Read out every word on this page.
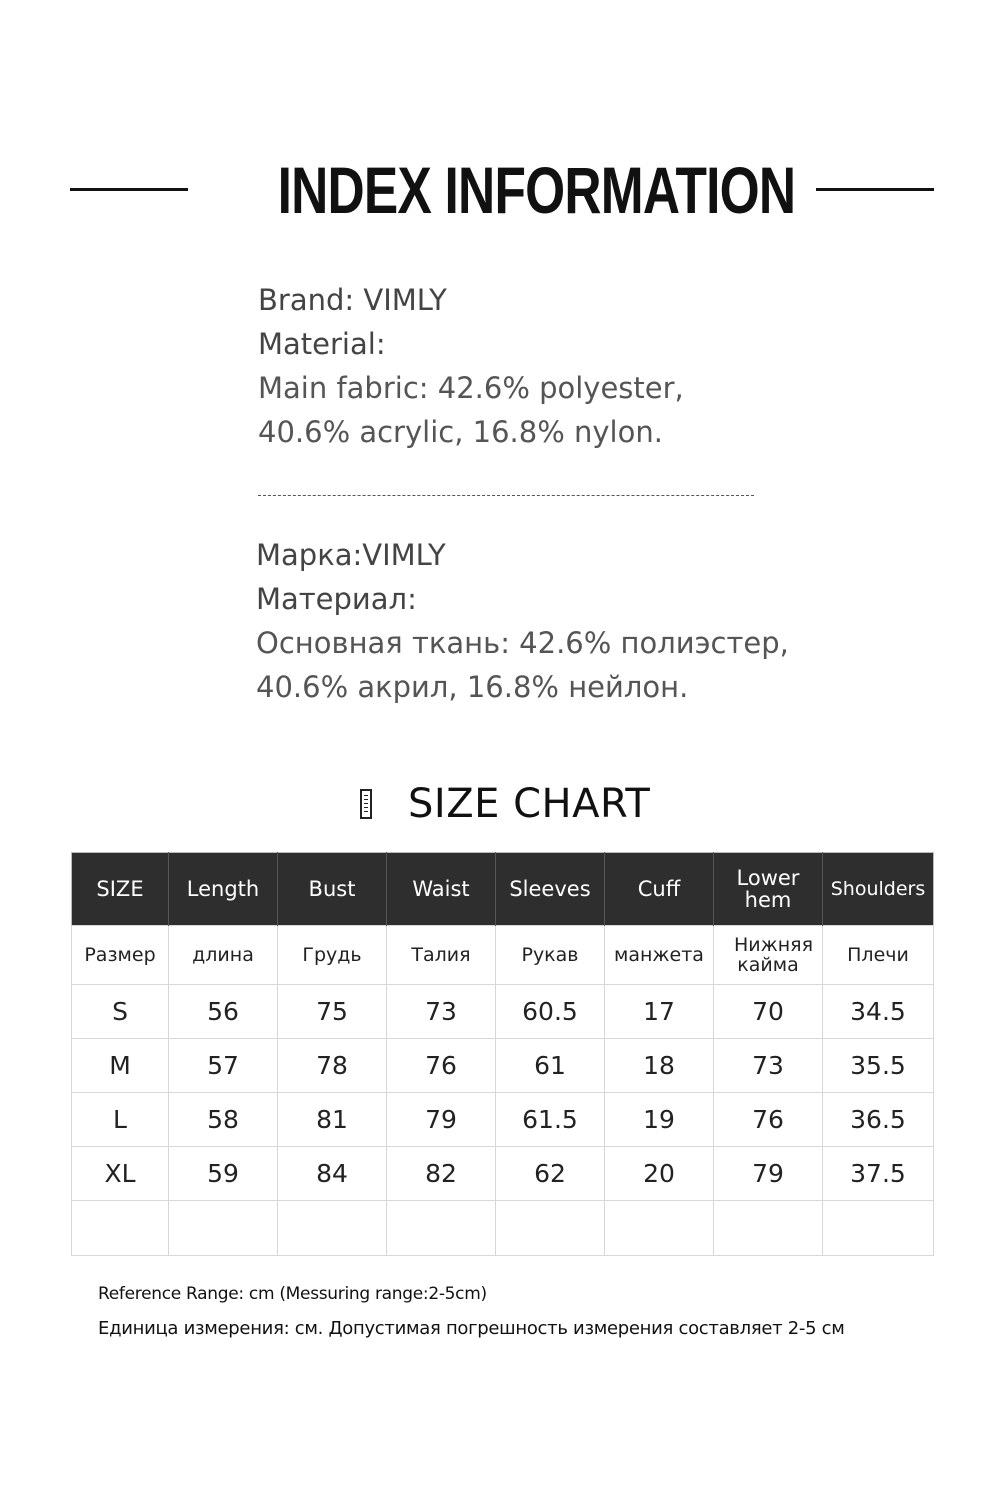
INDEX INFORMATION
Brand: VIMLY
Material:
Main fabric: 42.6% polyester,
40.6% acrylic, 16.8% nylon.
Марка:VIMLY
Материал:
Основная ткань: 42.6% полиэстер,
40.6% акрил, 16.8% нейлон.
SIZE CHART
SIZE	Length	Bust	Waist	Sleeves	Cuff	Lower hem	Shoulders
Размер	длина	Грудь	Талия	Рукав	манжета	Нижняя кайма	Плечи
S	56	75	73	60.5	17	70	34.5
M	57	78	76	61	18	73	35.5
L	58	81	79	61.5	19	76	36.5
XL	59	84	82	62	20	79	37.5

Reference Range: cm (Messuring range:2-5cm)
Единица измерения: см. Допустимая погрешность измерения составляет 2-5 см
